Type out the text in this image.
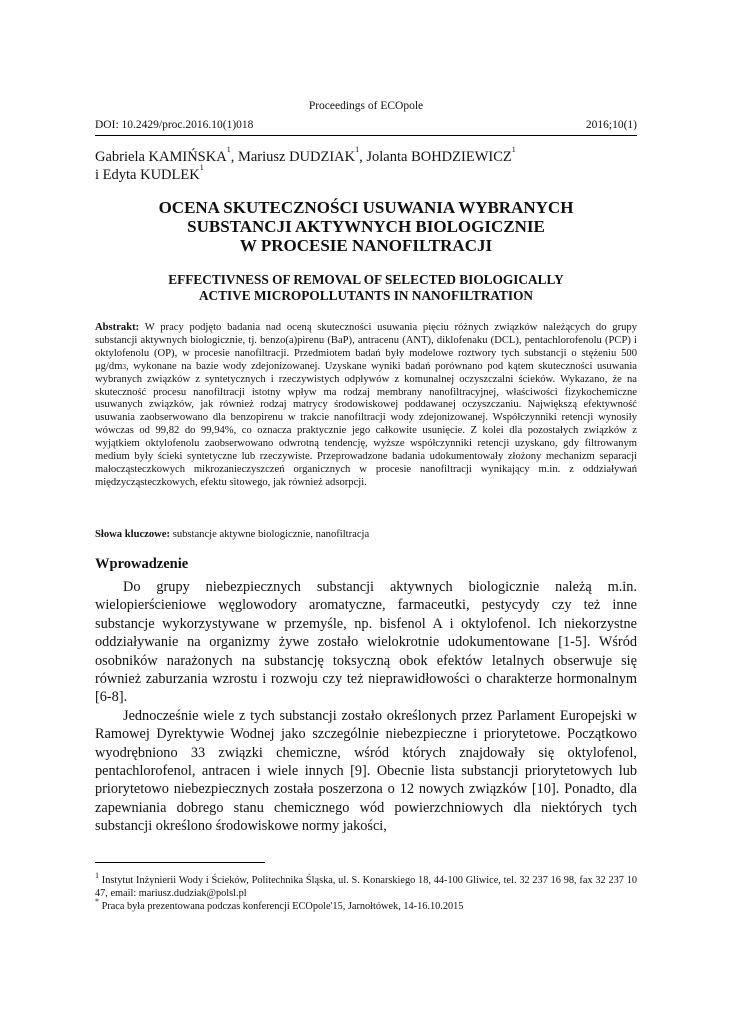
Proceedings of ECOpole
DOI: 10.2429/proc.2016.10(1)018	2016;10(1)
Gabriela KAMIŃSKA$^1$, Mariusz DUDZIAK$^1$, Jolanta BOHDZIEWICZ$^1$
i Edyta KUDLEK$^1$
OCENA SKUTECZNOŚCI USUWANIA WYBRANYCH
SUBSTANCJI AKTYWNYCH BIOLOGICZNIE
W PROCESIE NANOFILTRACJI
EFFECTIVNESS OF REMOVAL OF SELECTED BIOLOGICALLY
ACTIVE MICROPOLLUTANTS IN NANOFILTRATION
Abstrakt: W pracy podjęto badania nad oceną skuteczności usuwania pięciu różnych związków należących do grupy substancji aktywnych biologicznie, tj. benzo(a)pirenu (BaP), antracenu (ANT), diklofenaku (DCL), pentachlorofenolu (PCP) i oktylofenolu (OP), w procesie nanofiltracji. Przedmiotem badań były modelowe roztwory tych substancji o stężeniu 500 $\mu g/dm^3$, wykonane na bazie wody zdejonizowanej. Uzyskane wyniki badań porównano pod kątem skuteczności usuwania wybranych związków z syntetycznych i rzeczywistych odpływów z komunalnej oczyszczalni ścieków. Wykazano, że na skuteczność procesu nanofiltracji istotny wpływ ma rodzaj membrany nanofiltracyjnej, właściwości fizykochemiczne usuwanych związków, jak również rodzaj matrycy środowiskowej poddawanej oczyszczaniu. Największą efektywność usuwania zaobserwowano dla benzopirenu w trakcie nanofiltracji wody zdejonizowanej. Współczynniki retencji wynosiły wówczas od 99,82 do 99,94%, co oznacza praktycznie jego całkowite usunięcie. Z kolei dla pozostałych związków z wyjątkiem oktylofenolu zaobserwowano odwrotną tendencję, wyższe współczynniki retencji uzyskano, gdy filtrowanym medium były ścieki syntetyczne lub rzeczywiste. Przeprowadzone badania udokumentowały złożony mechanizm separacji małocząsteczkowych mikrozanieczyszczeń organicznych w procesie nanofiltracji wynikający m.in. z oddziaływań międzycząsteczkowych, efektu sitowego, jak również adsorpcji.
Słowa kluczowe: substancje aktywne biologicznie, nanofiltracja
Wprowadzenie

Do grupy niebezpiecznych substancji aktywnych biologicznie należą m.in. wielopierścieniowe węglowodory aromatyczne, farmaceutki, pestycydy czy też inne substancje wykorzystywane w przemyśle, np. bisfenol A i oktylofenol. Ich niekorzystne oddziaływanie na organizmy żywe zostało wielokrotnie udokumentowane [1-5]. Wśród osobników narażonych na substancję toksyczną obok efektów letalnych obserwuje się również zaburzania wzrostu i rozwoju czy też nieprawidłowości o charakterze hormonalnym [6-8].

Jednocześnie wiele z tych substancji zostało określonych przez Parlament Europejski w Ramowej Dyrektywie Wodnej jako szczególnie niebezpieczne i priorytetowe. Początkowo wyodrębniono 33 związki chemiczne, wśród których znajdowały się oktylofenol, pentachlorofenol, antracen i wiele innych [9]. Obecnie lista substancji priorytetowych lub priorytetowo niebezpiecznych została poszerzona o 12 nowych związków [10]. Ponadto, dla zapewniania dobrego stanu chemicznego wód powierzchniowych dla niektórych tych substancji określono środowiskowe normy jakości,

$^1$ Instytut Inżynierii Wody i Ścieków, Politechnika Śląska, ul. S. Konarskiego 18, 44-100 Gliwice, tel. 32 237 16 98, fax 32 237 10 47, email: mariusz.dudziak@polsl.pl

* Praca była prezentowana podczas konferencji ECOpole'15, Jarnołtówek, 14-16.10.2015
